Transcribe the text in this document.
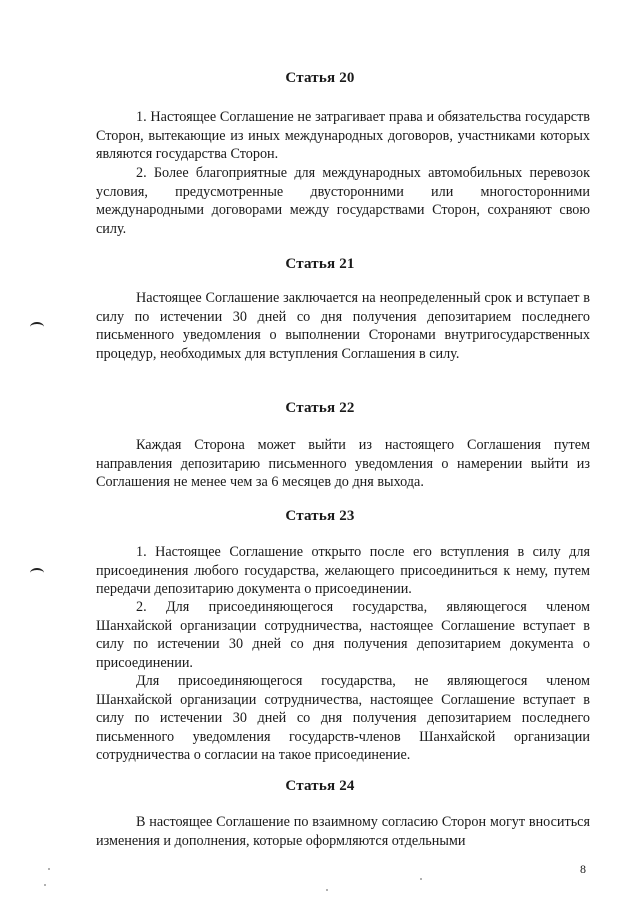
Статья 20

1. Настоящее Соглашение не затрагивает права и обязательства государств Сторон, вытекающие из иных международных договоров, участниками которых являются государства Сторон.

2. Более благоприятные для международных автомобильных перевозок условия, предусмотренные двусторонними или многосторонними международными договорами между государствами Сторон, сохраняют свою силу.

Статья 21

Настоящее Соглашение заключается на неопределенный срок и вступает в силу по истечении 30 дней со дня получения депозитарием последнего письменного уведомления о выполнении Сторонами внутригосударственных процедур, необходимых для вступления Соглашения в силу.

Статья 22

Каждая Сторона может выйти из настоящего Соглашения путем направления депозитарию письменного уведомления о намерении выйти из Соглашения не менее чем за 6 месяцев до дня выхода.

Статья 23

1. Настоящее Соглашение открыто после его вступления в силу для присоединения любого государства, желающего присоединиться к нему, путем передачи депозитарию документа о присоединении.

2. Для присоединяющегося государства, являющегося членом Шанхайской организации сотрудничества, настоящее Соглашение вступает в силу по истечении 30 дней со дня получения депозитарием документа о присоединении.

Для присоединяющегося государства, не являющегося членом Шанхайской организации сотрудничества, настоящее Соглашение вступает в силу по истечении 30 дней со дня получения депозитарием последнего письменного уведомления государств-членов Шанхайской организации сотрудничества о согласии на такое присоединение.

Статья 24

В настоящее Соглашение по взаимному согласию Сторон могут вноситься изменения и дополнения, которые оформляются отдельными

8
